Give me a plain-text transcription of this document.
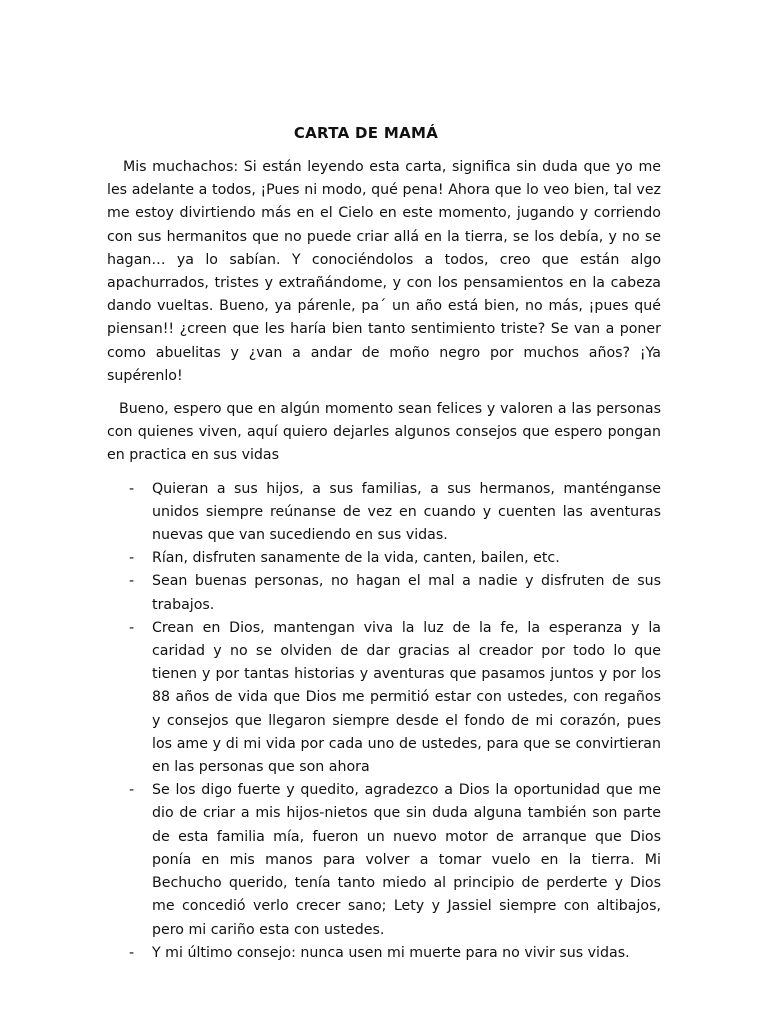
CARTA DE MAMÁ

Mis muchachos: Si están leyendo esta carta, significa sin duda que yo me les adelante a todos, ¡Pues ni modo, qué pena! Ahora que lo veo bien, tal vez me estoy divirtiendo más en el Cielo en este momento, jugando y corriendo con sus hermanitos que no puede criar allá en la tierra, se los debía, y no se hagan… ya lo sabían. Y conociéndolos a todos, creo que están algo apachurrados, tristes y extrañándome, y con los pensamientos en la cabeza dando vueltas. Bueno, ya párenle, pa´ un año está bien, no más, ¡pues qué piensan!! ¿creen que les haría bien tanto sentimiento triste? Se van a poner como abuelitas y ¿van a andar de moño negro por muchos años? ¡Ya supérenlo!

Bueno, espero que en algún momento sean felices y valoren a las personas con quienes viven, aquí quiero dejarles algunos consejos que espero pongan en practica en sus vidas

- Quieran a sus hijos, a sus familias, a sus hermanos, manténganse unidos siempre reúnanse de vez en cuando y cuenten las aventuras nuevas que van sucediendo en sus vidas.
- Rían, disfruten sanamente de la vida, canten, bailen, etc.
- Sean buenas personas, no hagan el mal a nadie y disfruten de sus trabajos.
- Crean en Dios, mantengan viva la luz de la fe, la esperanza y la caridad y no se olviden de dar gracias al creador por todo lo que tienen y por tantas historias y aventuras que pasamos juntos y por los 88 años de vida que Dios me permitió estar con ustedes, con regaños y consejos que llegaron siempre desde el fondo de mi corazón, pues los ame y di mi vida por cada uno de ustedes, para que se convirtieran en las personas que son ahora
- Se los digo fuerte y quedito, agradezco a Dios la oportunidad que me dio de criar a mis hijos-nietos que sin duda alguna también son parte de esta familia mía, fueron un nuevo motor de arranque que Dios ponía en mis manos para volver a tomar vuelo en la tierra. Mi Bechucho querido, tenía tanto miedo al principio de perderte y Dios me concedió verlo crecer sano; Lety y Jassiel siempre con altibajos, pero mi cariño esta con ustedes.
- Y mi último consejo: nunca usen mi muerte para no vivir sus vidas.
